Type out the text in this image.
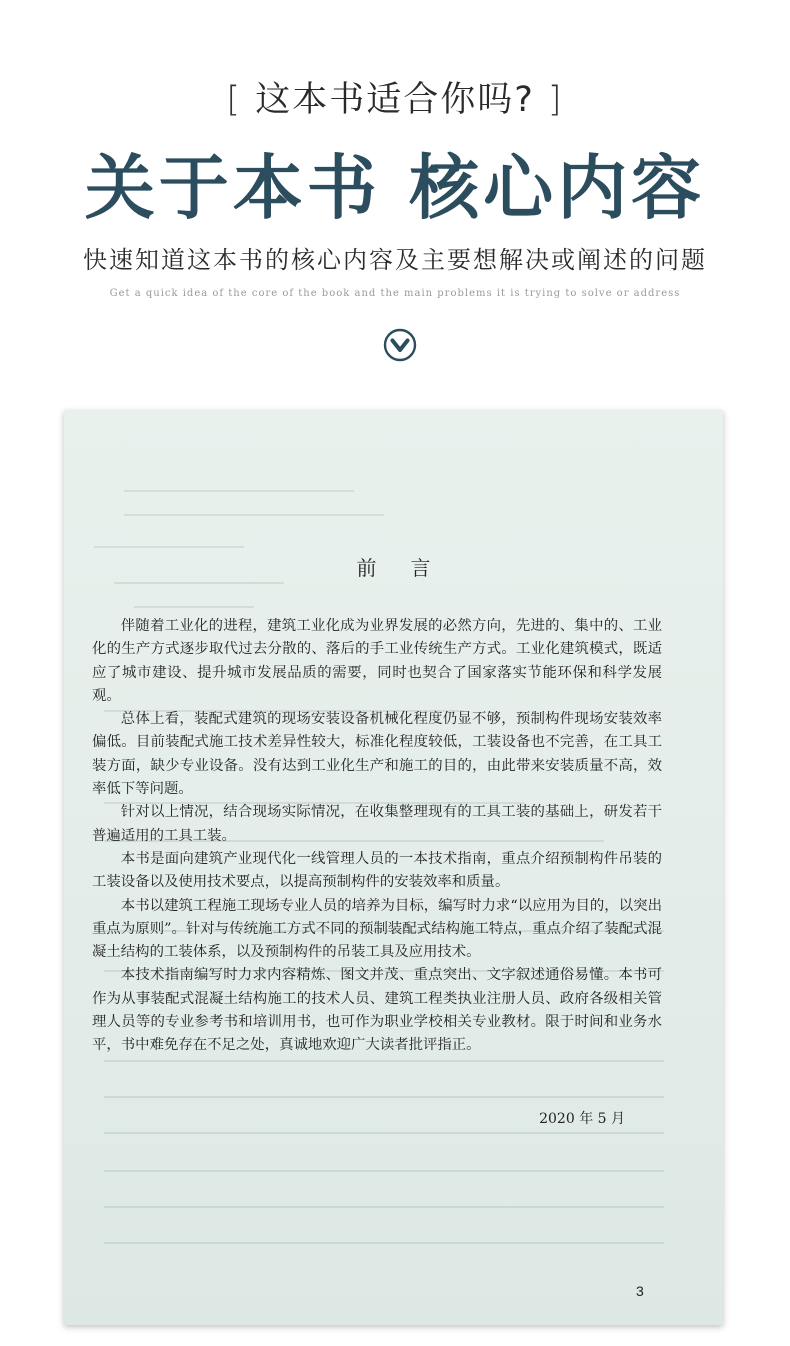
[ 这本书适合你吗? ]
关于本书 核心内容
快速知道这本书的核心内容及主要想解决或阐述的问题
Get a quick idea of the core of the book and the main problems it is trying to solve or address
前言

伴随着工业化的进程，建筑工业化成为业界发展的必然方向，先进的、集中的、工业化的生产方式逐步取代过去分散的、落后的手工业传统生产方式。工业化建筑模式，既适应了城市建设、提升城市发展品质的需要，同时也契合了国家落实节能环保和科学发展观。

总体上看，装配式建筑的现场安装设备机械化程度仍显不够，预制构件现场安装效率偏低。目前装配式施工技术差异性较大，标准化程度较低，工装设备也不完善，在工具工装方面，缺少专业设备。没有达到工业化生产和施工的目的，由此带来安装质量不高，效率低下等问题。

针对以上情况，结合现场实际情况，在收集整理现有的工具工装的基础上，研发若干普遍适用的工具工装。

本书是面向建筑产业现代化一线管理人员的一本技术指南，重点介绍预制构件吊装的工装设备以及使用技术要点，以提高预制构件的安装效率和质量。

本书以建筑工程施工现场专业人员的培养为目标，编写时力求“以应用为目的，以突出重点为原则”。针对与传统施工方式不同的预制装配式结构施工特点，重点介绍了装配式混凝土结构的工装体系，以及预制构件的吊装工具及应用技术。

本技术指南编写时力求内容精炼、图文并茂、重点突出、文字叙述通俗易懂。本书可作为从事装配式混凝土结构施工的技术人员、建筑工程类执业注册人员、政府各级相关管理人员等的专业参考书和培训用书，也可作为职业学校相关专业教材。限于时间和业务水平，书中难免存在不足之处，真诚地欢迎广大读者批评指正。

2020 年 5 月
3
